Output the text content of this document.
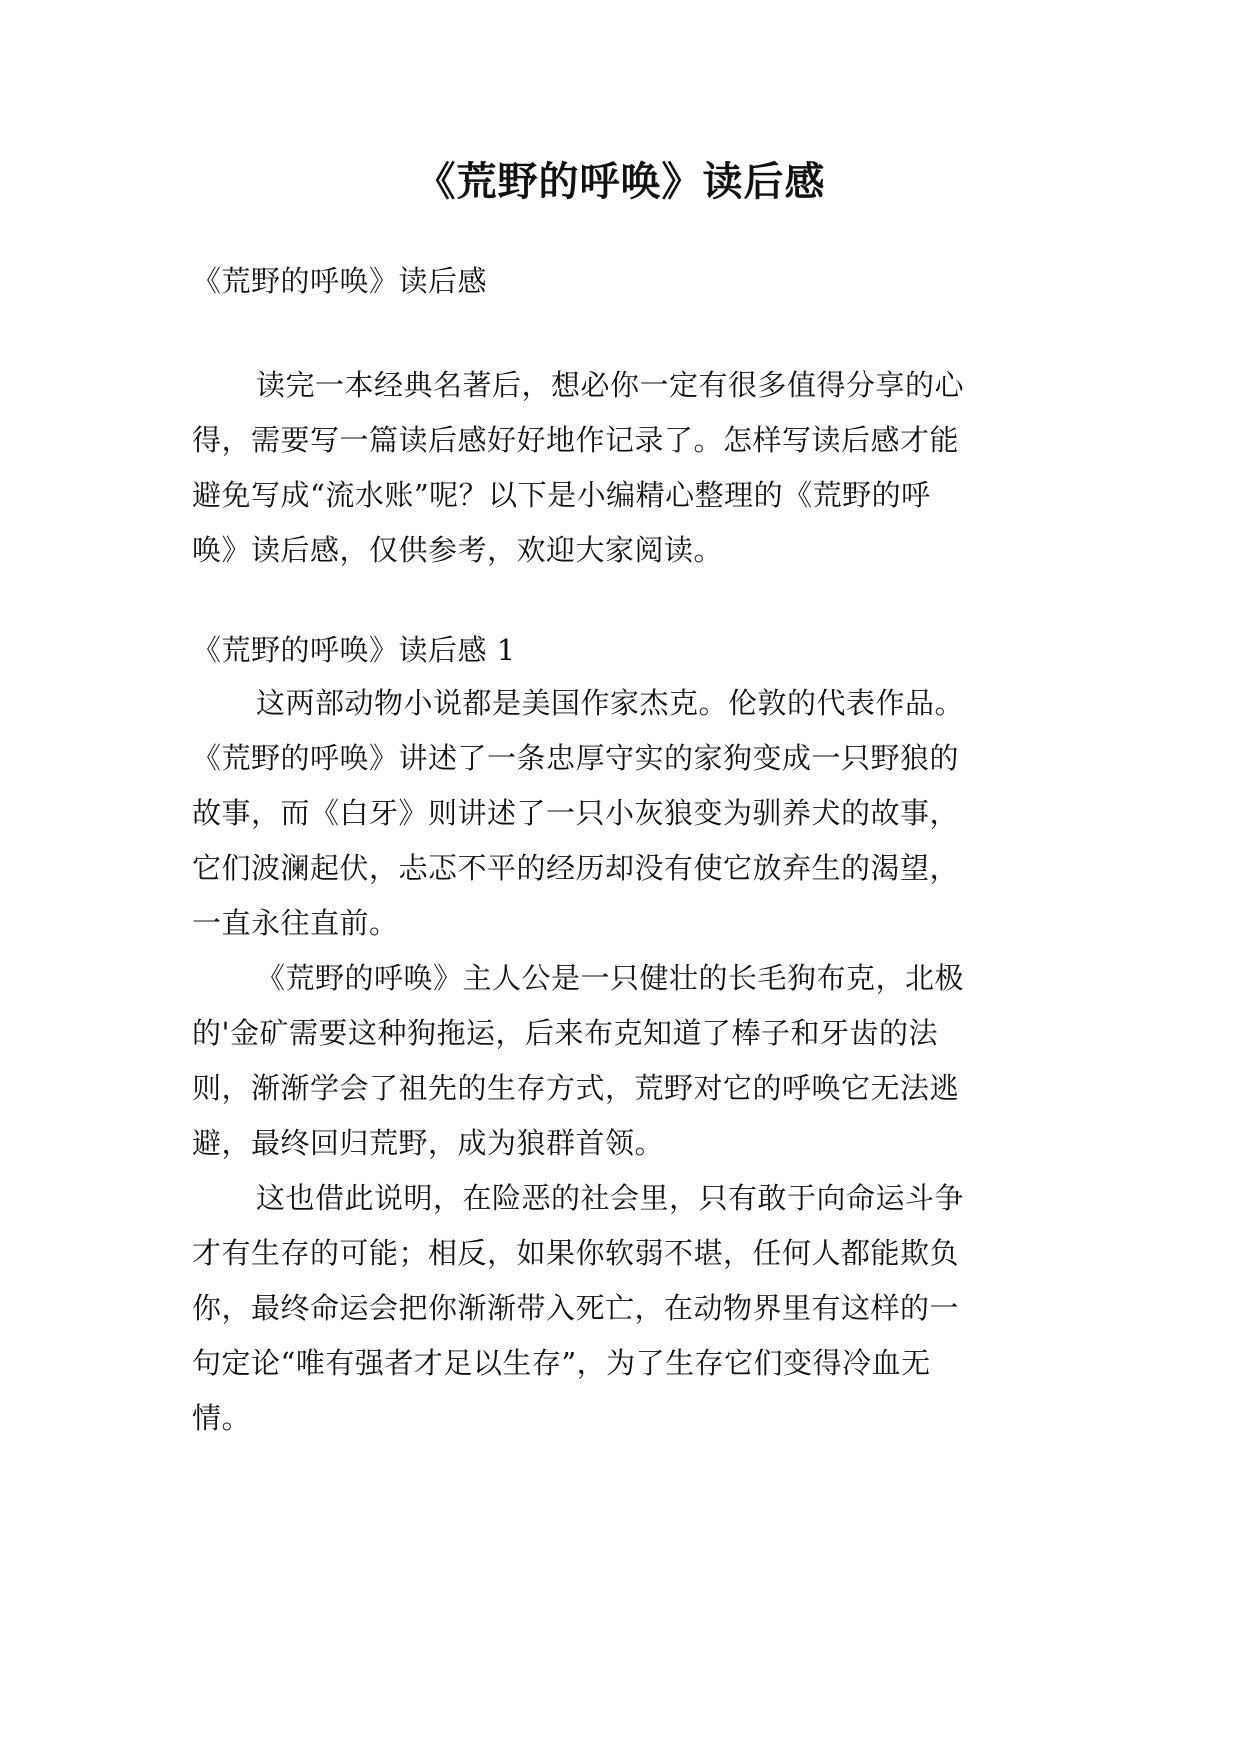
《荒野的呼唤》读后感
《荒野的呼唤》读后感
读完一本经典名著后，想必你一定有很多值得分享的心
得，需要写一篇读后感好好地作记录了。怎样写读后感才能
避免写成“流水账”呢？以下是小编精心整理的《荒野的呼
唤》读后感，仅供参考，欢迎大家阅读。
《荒野的呼唤》读后感 1
这两部动物小说都是美国作家杰克。伦敦的代表作品。
《荒野的呼唤》讲述了一条忠厚守实的家狗变成一只野狼的
故事，而《白牙》则讲述了一只小灰狼变为驯养犬的故事，
它们波澜起伏，忐忑不平的经历却没有使它放弃生的渴望，
一直永往直前。
《荒野的呼唤》主人公是一只健壮的长毛狗布克，北极
的'金矿需要这种狗拖运，后来布克知道了棒子和牙齿的法
则，渐渐学会了祖先的生存方式，荒野对它的呼唤它无法逃
避，最终回归荒野，成为狼群首领。
这也借此说明，在险恶的社会里，只有敢于向命运斗争
才有生存的可能；相反，如果你软弱不堪，任何人都能欺负
你，最终命运会把你渐渐带入死亡，在动物界里有这样的一
句定论“唯有强者才足以生存”，为了生存它们变得冷血无
情。
